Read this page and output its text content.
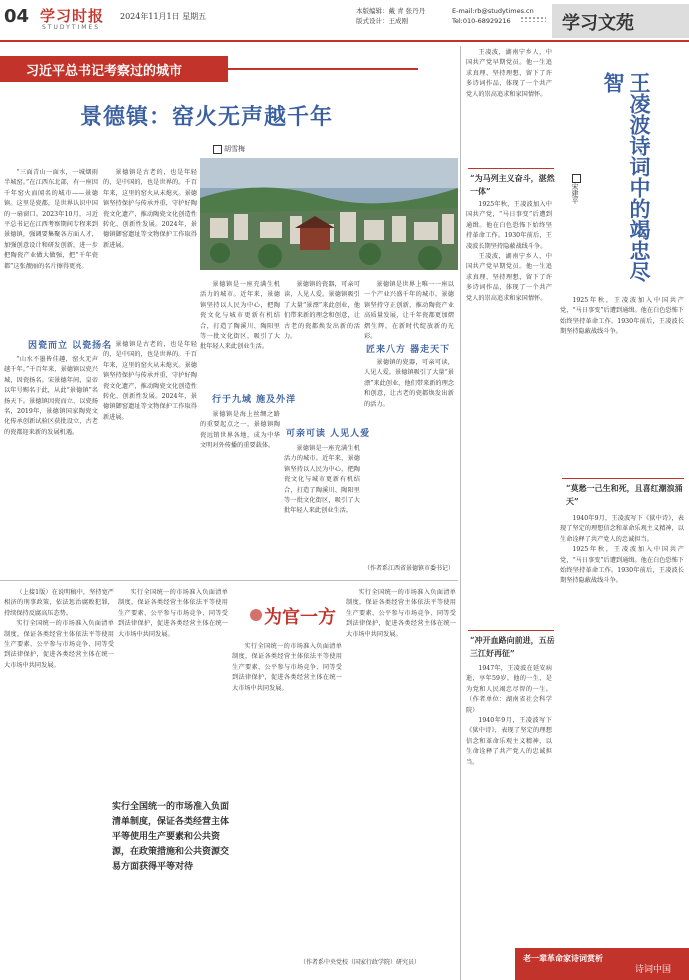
04 学习时报
STUDYTIMES
2024年11月1日 星期五
本版编辑：戴 青 张丹丹
版式设计：王成刚
E-mail:rb@studytimes.cn
Tel:010-68929216	学习文苑
习近平总书记考察过的城市
景德镇：窑火无声越千年
胡雪梅

“三面青山一面水，一城烟雨半城窑。”在江西东北部，有一座因千年窑火而闻名的城市——景德镇。这里是瓷都，是世界认识中国的一扇窗口。2023年10月，习近平总书记在江西考察期间专程来到景德镇，强调要集聚各方面人才，加强创意设计和研发创新，进一步把陶瓷产业做大做强，把“千年瓷都”这张靓丽的名片擦得更亮。

景德镇是古老的，也是年轻的，是中国的，也是世界的。千百年来，这里的窑火从未熄灭。景德镇坚持保护与传承并重，守护好陶瓷文化遗产，推动陶瓷文化创造性转化、创新性发展。2024年，景德镇御窑遗址等文物保护工作取得新进展。

因瓷而立 以瓷扬名

“山水不墨皆佳趣，窑火无声越千年。”千百年来，景德镇以瓷兴城，因瓷扬名。宋景德年间，皇帝以年号赐名于此，从此“景德镇”名扬天下。景德镇因瓷而立、以瓷扬名，2019年，景德镇国家陶瓷文化传承创新试验区获批设立，古老的瓷都迎来新的发展机遇。

景德镇是古老的，也是年轻的，是中国的，也是世界的。千百年来，这里的窑火从未熄灭。景德镇坚持保护与传承并重，守护好陶瓷文化遗产，推动陶瓷文化创造性转化、创新性发展。2024年，景德镇御窑遗址等文物保护工作取得新进展。

行于九域 施及外洋

景德镇是一座充满生机活力的城市。近年来，景德镇坚持以人民为中心，把陶瓷文化与城市更新有机结合，打造了陶溪川、陶阳里等一批文化街区，吸引了大批年轻人来此创业生活。

景德镇是海上丝绸之路的重要起点之一，景德镇陶瓷远销世界各地，成为中华文明对外传播的重要载体。

景德镇的瓷器，可亲可读，人见人爱。景德镇吸引了大量“景漂”来此创业，他们带来新的理念和创意，让古老的瓷都焕发出新的活力。

可亲可读 人见人爱

景德镇是一座充满生机活力的城市。近年来，景德镇坚持以人民为中心，把陶瓷文化与城市更新有机结合，打造了陶溪川、陶阳里等一批文化街区，吸引了大批年轻人来此创业生活。

景德镇是世界上唯一一座以一个产业兴盛千年的城市。景德镇坚持守正创新，推动陶瓷产业高质量发展，让千年瓷都更加熠熠生辉，在新时代绽放新的光彩。

匠来八方 器走天下

景德镇的瓷器，可亲可读，人见人爱。景德镇吸引了大量“景漂”来此创业，他们带来新的理念和创意，让古老的瓷都焕发出新的活力。

（作者系江西省景德镇市委书记）
为官一方

（上接1版）在说明稿中，坚持宽严相济的刑事政策，依法惩治腐败犯罪，持续保持反腐高压态势。

实行全国统一的市场准入负面清单制度，保证各类经营主体依法平等使用生产要素、公平参与市场竞争、同等受到法律保护，促进各类经营主体在统一大市场中共同发展。

实行全国统一的市场准入负面清单制度，保证各类经营主体依法平等使用生产要素、公平参与市场竞争、同等受到法律保护，促进各类经营主体在统一大市场中共同发展。

实行全国统一的市场准入负面清单制度，保证各类经营主体依法平等使用生产要素、公平参与市场竞争、同等受到法律保护，促进各类经营主体在统一大市场中共同发展。

实行全国统一的市场准入负面清单制度，保证各类经营主体依法平等使用生产要素、公平参与市场竞争、同等受到法律保护，促进各类经营主体在统一大市场中共同发展。

实行全国统一的市场准入负面清单制度，保证各类经营主体平等使用生产要素和公共资源，在政策措施和公共资源交易方面获得平等对待
（作者系中央党校（国家行政学院）研究员）

王凌波，湖南宁乡人，中国共产党早期党员。他一生追求真理、坚持理想，留下了许多诗词作品，体现了一个共产党人的崇高追求和家国情怀。	王凌波诗词中的竭忠尽智
宋建平
“为马列主义奋斗，湛然一体”

1925年秋，王凌波加入中国共产党，“马日事变”后遭到通缉。他在白色恐怖下始终坚持革命工作。1930年前后，王凌波长期坚持隐蔽战线斗争。

王凌波，湖南宁乡人，中国共产党早期党员。他一生追求真理、坚持理想，留下了许多诗词作品，体现了一个共产党人的崇高追求和家国情怀。	1925年秋，王凌波加入中国共产党，“马日事变”后遭到通缉。他在白色恐怖下始终坚持革命工作。1930年前后，王凌波长期坚持隐蔽战线斗争。

“莫愁一己生和死，且喜红潮浪涌天”

1940年9月，王凌波写下《狱中诗》，表现了坚定的理想信念和革命乐观主义精神，以生命诠释了共产党人的忠诚担当。

1925年秋，王凌波加入中国共产党，“马日事变”后遭到通缉。他在白色恐怖下始终坚持革命工作。1930年前后，王凌波长期坚持隐蔽战线斗争。

“冲开血路向前进，五岳三江好再征”

1947年，王凌波在延安病逝，享年59岁。他的一生，是为党和人民竭忠尽智的一生。（作者单位：湖南省社会科学院）

1940年9月，王凌波写下《狱中诗》，表现了坚定的理想信念和革命乐观主义精神，以生命诠释了共产党人的忠诚担当。

老一辈革命家诗词赏析
诗词中国
